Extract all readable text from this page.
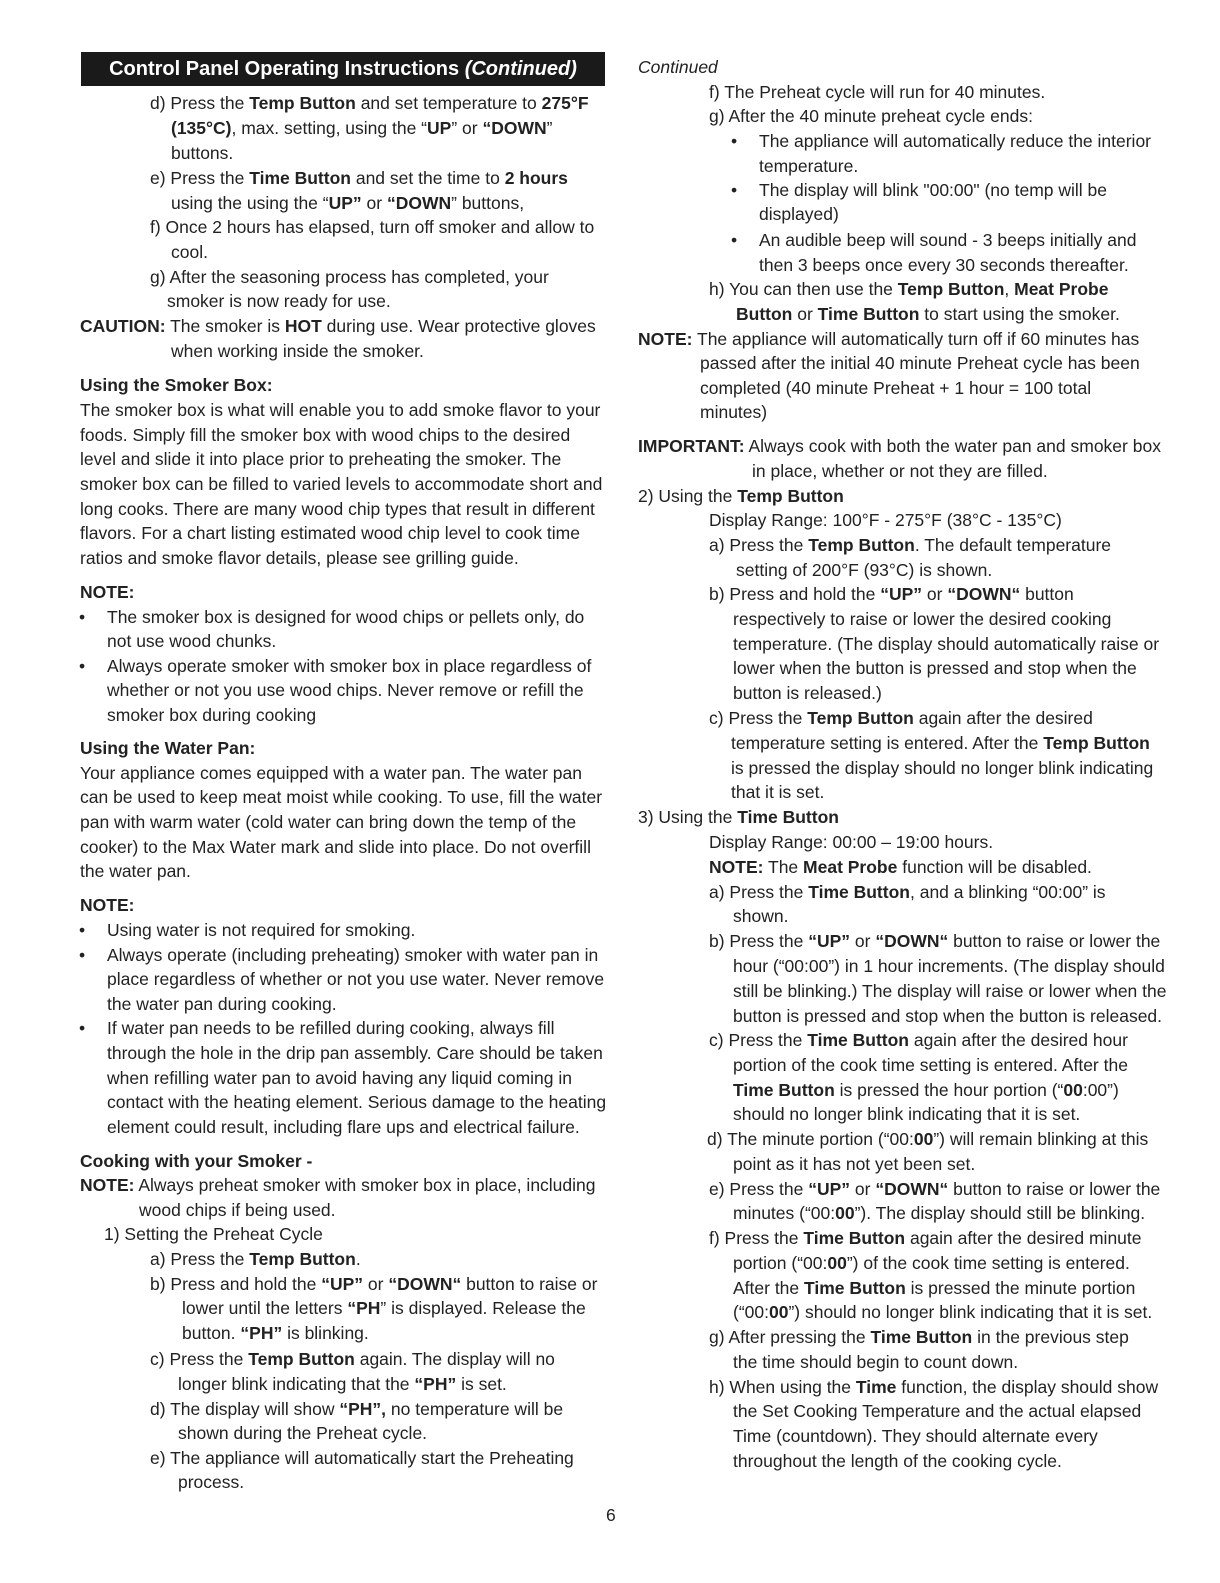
Control Panel Operating Instructions (Continued)
d) Press the Temp Button and set temperature to 275°F
(135°C), max. setting, using the “UP” or “DOWN”
buttons.
e) Press the Time Button and set the time to 2 hours
using the using the “UP” or “DOWN” buttons,
f) Once 2 hours has elapsed, turn off smoker and allow to
cool.
g) After the seasoning process has completed, your
smoker is now ready for use.
CAUTION: The smoker is HOT during use. Wear protective gloves
when working inside the smoker.
Using the Smoker Box:
The smoker box is what will enable you to add smoke flavor to your
foods. Simply fill the smoker box with wood chips to the desired
level and slide it into place prior to preheating the smoker. The
smoker box can be filled to varied levels to accommodate short and
long cooks. There are many wood chip types that result in different
flavors. For a chart listing estimated wood chip level to cook time
ratios and smoke flavor details, please see grilling guide.
NOTE:
• The smoker box is designed for wood chips or pellets only, do
not use wood chunks.
• Always operate smoker with smoker box in place regardless of
whether or not you use wood chips. Never remove or refill the
smoker box during cooking
Using the Water Pan:
Your appliance comes equipped with a water pan. The water pan
can be used to keep meat moist while cooking. To use, fill the water
pan with warm water (cold water can bring down the temp of the
cooker) to the Max Water mark and slide into place. Do not overfill
the water pan.
NOTE:
• Using water is not required for smoking.
• Always operate (including preheating) smoker with water pan in
place regardless of whether or not you use water. Never remove
the water pan during cooking.
• If water pan needs to be refilled during cooking, always fill
through the hole in the drip pan assembly. Care should be taken
when refilling water pan to avoid having any liquid coming in
contact with the heating element. Serious damage to the heating
element could result, including flare ups and electrical failure.
Cooking with your Smoker -
NOTE: Always preheat smoker with smoker box in place, including
wood chips if being used.
1) Setting the Preheat Cycle
a) Press the Temp Button.
b) Press and hold the “UP” or “DOWN“ button to raise or
lower until the letters “PH” is displayed. Release the
button. “PH” is blinking.
c) Press the Temp Button again. The display will no
longer blink indicating that the “PH” is set.
d) The display will show “PH”, no temperature will be
shown during the Preheat cycle.
e) The appliance will automatically start the Preheating
process.
Continued
f) The Preheat cycle will run for 40 minutes.
g) After the 40 minute preheat cycle ends:
• The appliance will automatically reduce the interior
temperature.
• The display will blink "00:00" (no temp will be
displayed)
• An audible beep will sound - 3 beeps initially and
then 3 beeps once every 30 seconds thereafter.
h) You can then use the Temp Button, Meat Probe
Button or Time Button to start using the smoker.
NOTE: The appliance will automatically turn off if 60 minutes has
passed after the initial 40 minute Preheat cycle has been
completed (40 minute Preheat + 1 hour = 100 total
minutes)
IMPORTANT: Always cook with both the water pan and smoker box
in place, whether or not they are filled.
2) Using the Temp Button
Display Range: 100°F - 275°F (38°C - 135°C)
a) Press the Temp Button. The default temperature
setting of 200°F (93°C) is shown.
b) Press and hold the “UP” or “DOWN“ button
respectively to raise or lower the desired cooking
temperature. (The display should automatically raise or
lower when the button is pressed and stop when the
button is released.)
c) Press the Temp Button again after the desired
temperature setting is entered. After the Temp Button
is pressed the display should no longer blink indicating
that it is set.
3) Using the Time Button
Display Range: 00:00 – 19:00 hours.
NOTE: The Meat Probe function will be disabled.
a) Press the Time Button, and a blinking “00:00” is
shown.
b) Press the “UP” or “DOWN“ button to raise or lower the
hour (“00:00”) in 1 hour increments. (The display should
still be blinking.) The display will raise or lower when the
button is pressed and stop when the button is released.
c) Press the Time Button again after the desired hour
portion of the cook time setting is entered. After the
Time Button is pressed the hour portion (“00:00”)
should no longer blink indicating that it is set.
d) The minute portion (“00:00”) will remain blinking at this
point as it has not yet been set.
e) Press the “UP” or “DOWN“ button to raise or lower the
minutes (“00:00”). The display should still be blinking.
f) Press the Time Button again after the desired minute
portion (“00:00”) of the cook time setting is entered.
After the Time Button is pressed the minute portion
(“00:00”) should no longer blink indicating that it is set.
g) After pressing the Time Button in the previous step
the time should begin to count down.
h) When using the Time function, the display should show
the Set Cooking Temperature and the actual elapsed
Time (countdown). They should alternate every
throughout the length of the cooking cycle.
6
